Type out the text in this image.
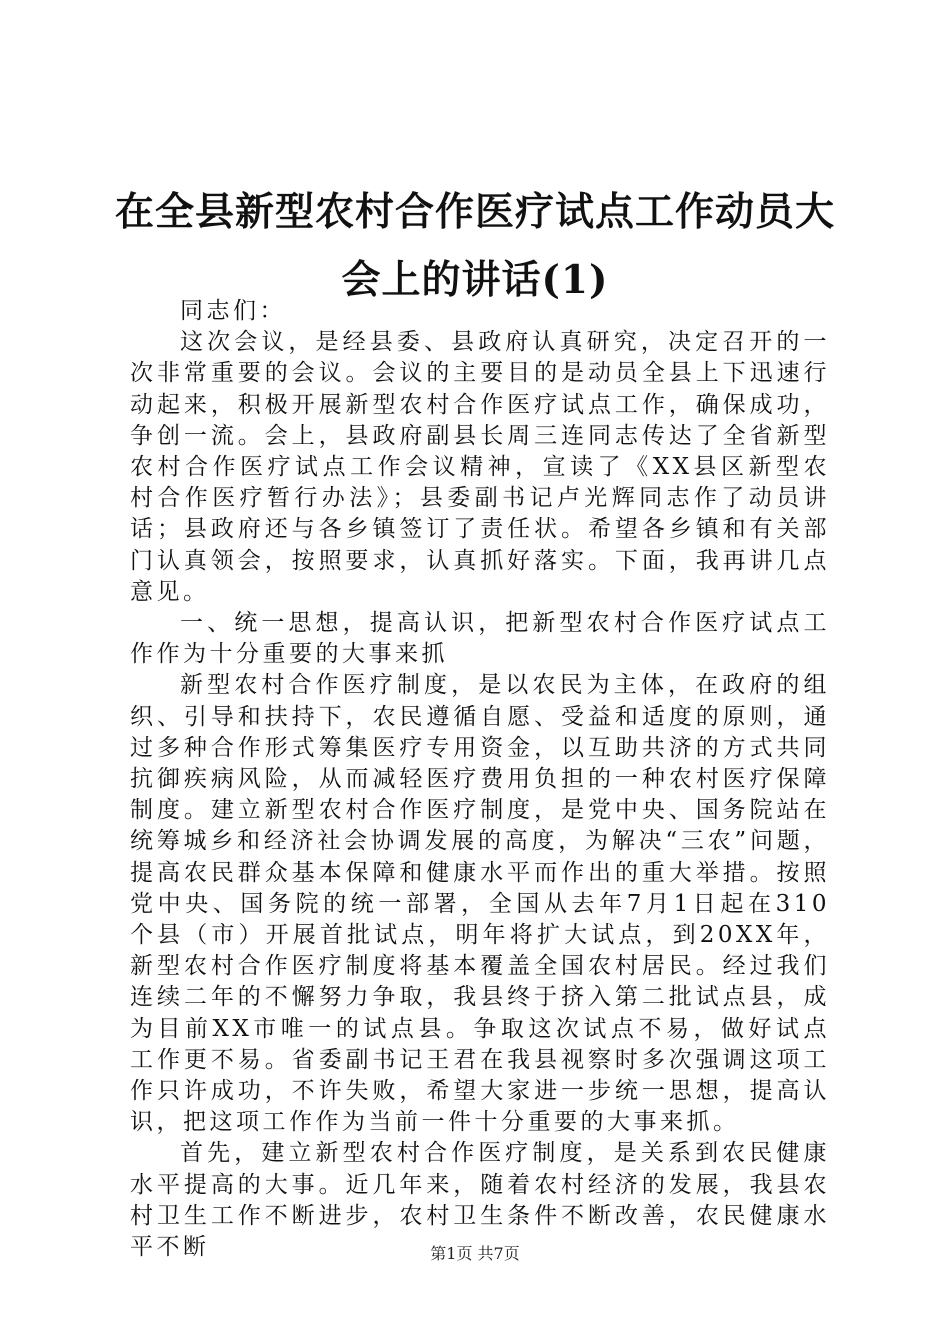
在全县新型农村合作医疗试点工作动员大会上的讲话(1)

同志们：

这次会议，是经县委、县政府认真研究，决定召开的一次非常重要的会议。会议的主要目的是动员全县上下迅速行动起来，积极开展新型农村合作医疗试点工作，确保成功，争创一流。会上，县政府副县长周三连同志传达了全省新型农村合作医疗试点工作会议精神，宣读了《XX县区新型农村合作医疗暂行办法》；县委副书记卢光辉同志作了动员讲话；县政府还与各乡镇签订了责任状。希望各乡镇和有关部门认真领会，按照要求，认真抓好落实。下面，我再讲几点意见。

一、统一思想，提高认识，把新型农村合作医疗试点工作作为十分重要的大事来抓

新型农村合作医疗制度，是以农民为主体，在政府的组织、引导和扶持下，农民遵循自愿、受益和适度的原则，通过多种合作形式筹集医疗专用资金，以互助共济的方式共同抗御疾病风险，从而减轻医疗费用负担的一种农村医疗保障制度。建立新型农村合作医疗制度，是党中央、国务院站在统筹城乡和经济社会协调发展的高度，为解决“三农”问题，提高农民群众基本保障和健康水平而作出的重大举措。按照党中央、国务院的统一部署，全国从去年7月1日起在310个县（市）开展首批试点，明年将扩大试点，到20XX年，新型农村合作医疗制度将基本覆盖全国农村居民。经过我们连续二年的不懈努力争取，我县终于挤入第二批试点县，成为目前XX市唯一的试点县。争取这次试点不易，做好试点工作更不易。省委副书记王君在我县视察时多次强调这项工作只许成功，不许失败，希望大家进一步统一思想，提高认识，把这项工作作为当前一件十分重要的大事来抓。

首先，建立新型农村合作医疗制度，是关系到农民健康水平提高的大事。近几年来，随着农村经济的发展，我县农村卫生工作不断进步，农村卫生条件不断改善，农民健康水平不断	第1页 共7页
